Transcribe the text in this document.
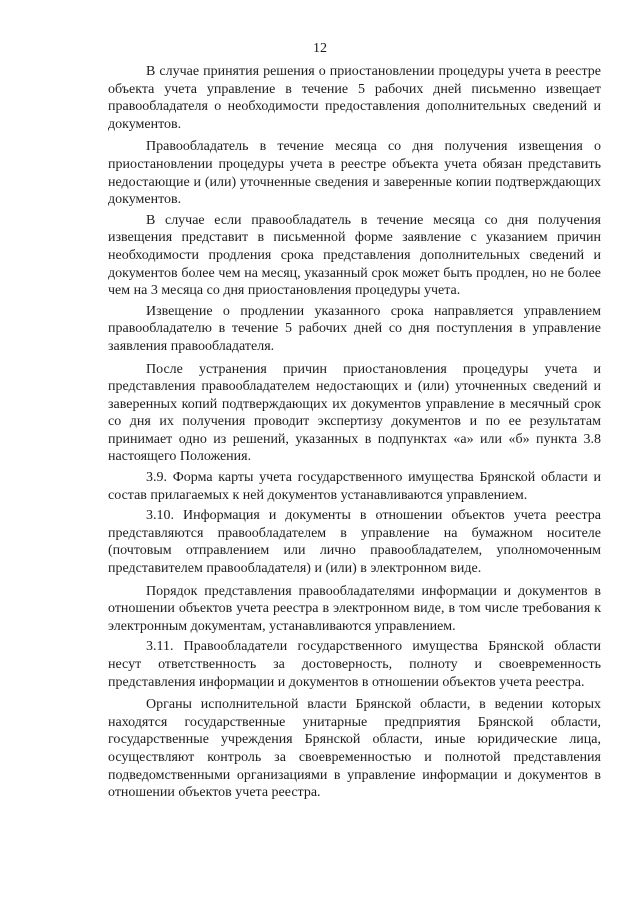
12

В случае принятия решения о приостановлении процедуры учета в реестре объекта учета управление в течение 5 рабочих дней письменно извещает правообладателя о необходимости предоставления дополнительных сведений и документов.

Правообладатель в течение месяца со дня получения извещения о приостановлении процедуры учета в реестре объекта учета обязан представить недостающие и (или) уточненные сведения и заверенные копии подтверждающих документов.

В случае если правообладатель в течение месяца со дня получения извещения представит в письменной форме заявление с указанием причин необходимости продления срока представления дополнительных сведений и документов более чем на месяц, указанный срок может быть продлен, но не более чем на 3 месяца со дня приостановления процедуры учета.

Извещение о продлении указанного срока направляется управлением правообладателю в течение 5 рабочих дней со дня поступления в управление заявления правообладателя.

После устранения причин приостановления процедуры учета и представления правообладателем недостающих и (или) уточненных сведений и заверенных копий подтверждающих их документов управление в месячный срок со дня их получения проводит экспертизу документов и по ее результатам принимает одно из решений, указанных в подпунктах «а» или «б» пункта 3.8 настоящего Положения.

3.9. Форма карты учета государственного имущества Брянской области и состав прилагаемых к ней документов устанавливаются управлением.

3.10. Информация и документы в отношении объектов учета реестра представляются правообладателем в управление на бумажном носителе (почтовым отправлением или лично правообладателем, уполномоченным представителем правообладателя) и (или) в электронном виде.

Порядок представления правообладателями информации и документов в отношении объектов учета реестра в электронном виде, в том числе требования к электронным документам, устанавливаются управлением.

3.11. Правообладатели государственного имущества Брянской области несут ответственность за достоверность, полноту и своевременность представления информации и документов в отношении объектов учета реестра.

Органы исполнительной власти Брянской области, в ведении которых находятся государственные унитарные предприятия Брянской области, государственные учреждения Брянской области, иные юридические лица, осуществляют контроль за своевременностью и полнотой представления подведомственными организациями в управление информации и документов в отношении объектов учета реестра.
